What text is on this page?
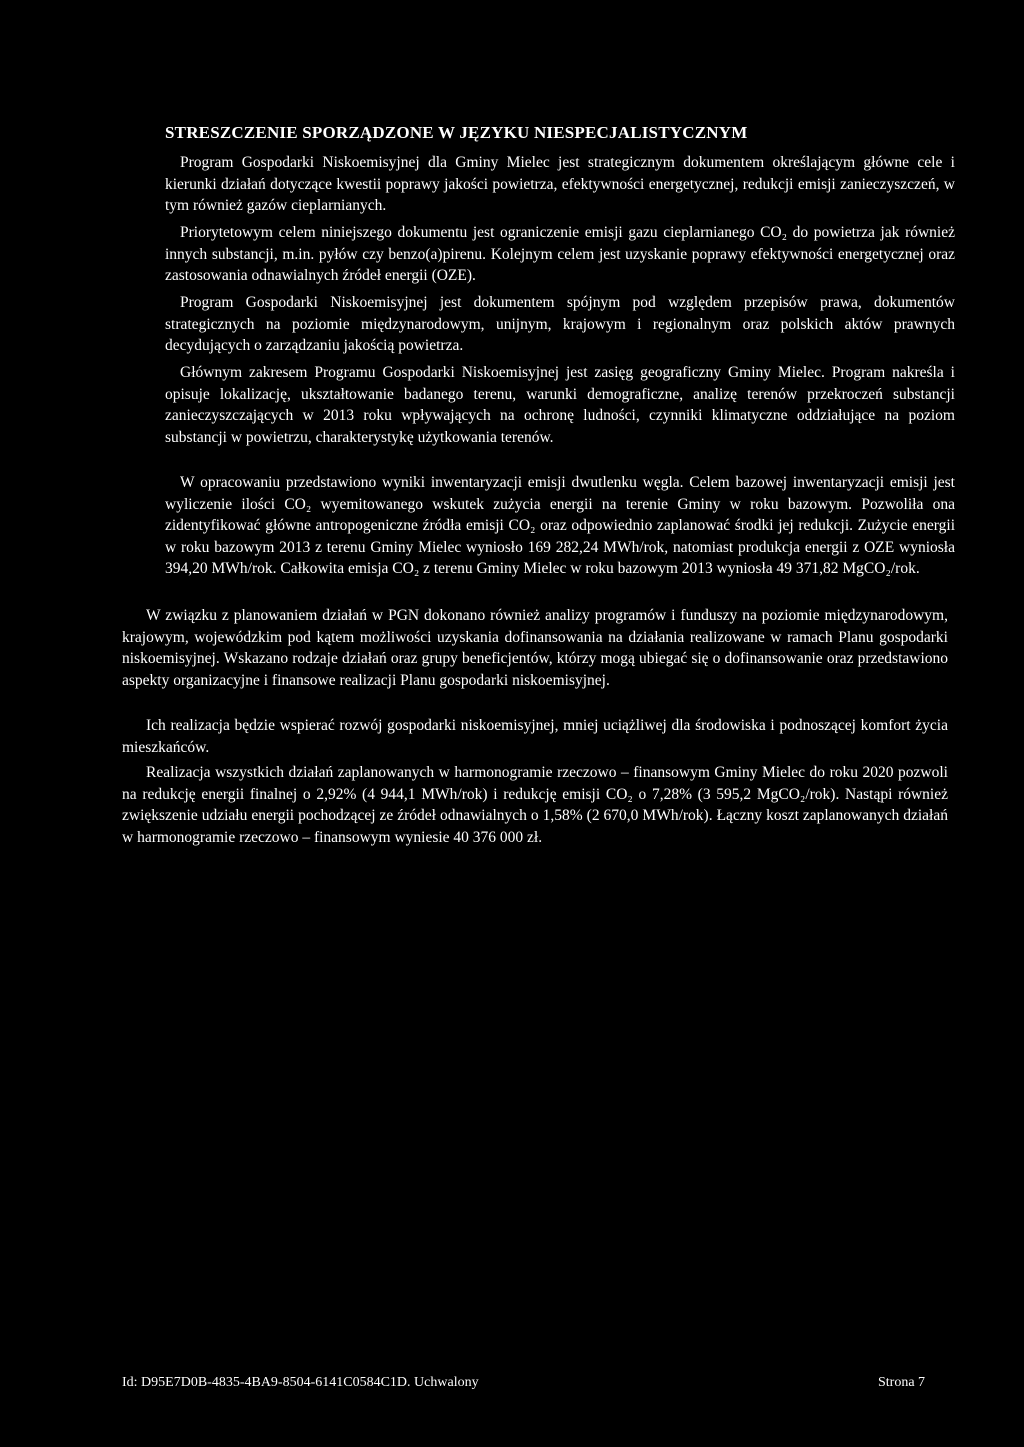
STRESZCZENIE SPORZĄDZONE W JĘZYKU NIESPECJALISTYCZNYM

Program Gospodarki Niskoemisyjnej dla Gminy Mielec jest strategicznym dokumentem określającym główne cele i kierunki działań dotyczące kwestii poprawy jakości powietrza, efektywności energetycznej, redukcji emisji zanieczyszczeń, w tym również gazów cieplarnianych.

Priorytetowym celem niniejszego dokumentu jest ograniczenie emisji gazu cieplarnianego CO₂ do powietrza jak również innych substancji, m.in. pyłów czy benzo(a)pirenu. Kolejnym celem jest uzyskanie poprawy efektywności energetycznej oraz zastosowania odnawialnych źródeł energii (OZE).

Program Gospodarki Niskoemisyjnej jest dokumentem spójnym pod względem przepisów prawa, dokumentów strategicznych na poziomie międzynarodowym, unijnym, krajowym i regionalnym oraz polskich aktów prawnych decydujących o zarządzaniu jakością powietrza.

Głównym zakresem Programu Gospodarki Niskoemisyjnej jest zasięg geograficzny Gminy Mielec. Program nakreśla i opisuje lokalizację, ukształtowanie badanego terenu, warunki demograficzne, analizę terenów przekroczeń substancji zanieczyszczających w 2013 roku wpływających na ochronę ludności, czynniki klimatyczne oddziałujące na poziom substancji w powietrzu, charakterystykę użytkowania terenów.

W opracowaniu przedstawiono wyniki inwentaryzacji emisji dwutlenku węgla. Celem bazowej inwentaryzacji emisji jest wyliczenie ilości CO₂ wyemitowanego wskutek zużycia energii na terenie Gminy w roku bazowym. Pozwoliła ona zidentyfikować główne antropogeniczne źródła emisji CO₂ oraz odpowiednio zaplanować środki jej redukcji. Zużycie energii w roku bazowym 2013 z terenu Gminy Mielec wyniosło 169 282,24 MWh/rok, natomiast produkcja energii z OZE wyniosła 394,20 MWh/rok. Całkowita emisja CO₂ z terenu Gminy Mielec w roku bazowym 2013 wyniosła 49 371,82 MgCO₂/rok.

W związku z planowaniem działań w PGN dokonano również analizy programów i funduszy na poziomie międzynarodowym, krajowym, wojewódzkim pod kątem możliwości uzyskania dofinansowania na działania realizowane w ramach Planu gospodarki niskoemisyjnej. Wskazano rodzaje działań oraz grupy beneficjentów, którzy mogą ubiegać się o dofinansowanie oraz przedstawiono aspekty organizacyjne i finansowe realizacji Planu gospodarki niskoemisyjnej.

Ich realizacja będzie wspierać rozwój gospodarki niskoemisyjnej, mniej uciążliwej dla środowiska i podnoszącej komfort życia mieszkańców.

Realizacja wszystkich działań zaplanowanych w harmonogramie rzeczowo – finansowym Gminy Mielec do roku 2020 pozwoli na redukcję energii finalnej o 2,92% (4 944,1 MWh/rok) i redukcję emisji CO₂ o 7,28% (3 595,2 MgCO₂/rok). Nastąpi również zwiększenie udziału energii pochodzącej ze źródeł odnawialnych o 1,58% (2 670,0 MWh/rok). Łączny koszt zaplanowanych działań w harmonogramie rzeczowo – finansowym wyniesie 40 376 000 zł.

Id: D95E7D0B-4835-4BA9-8504-6141C0584C1D. Uchwalony	Strona 7
